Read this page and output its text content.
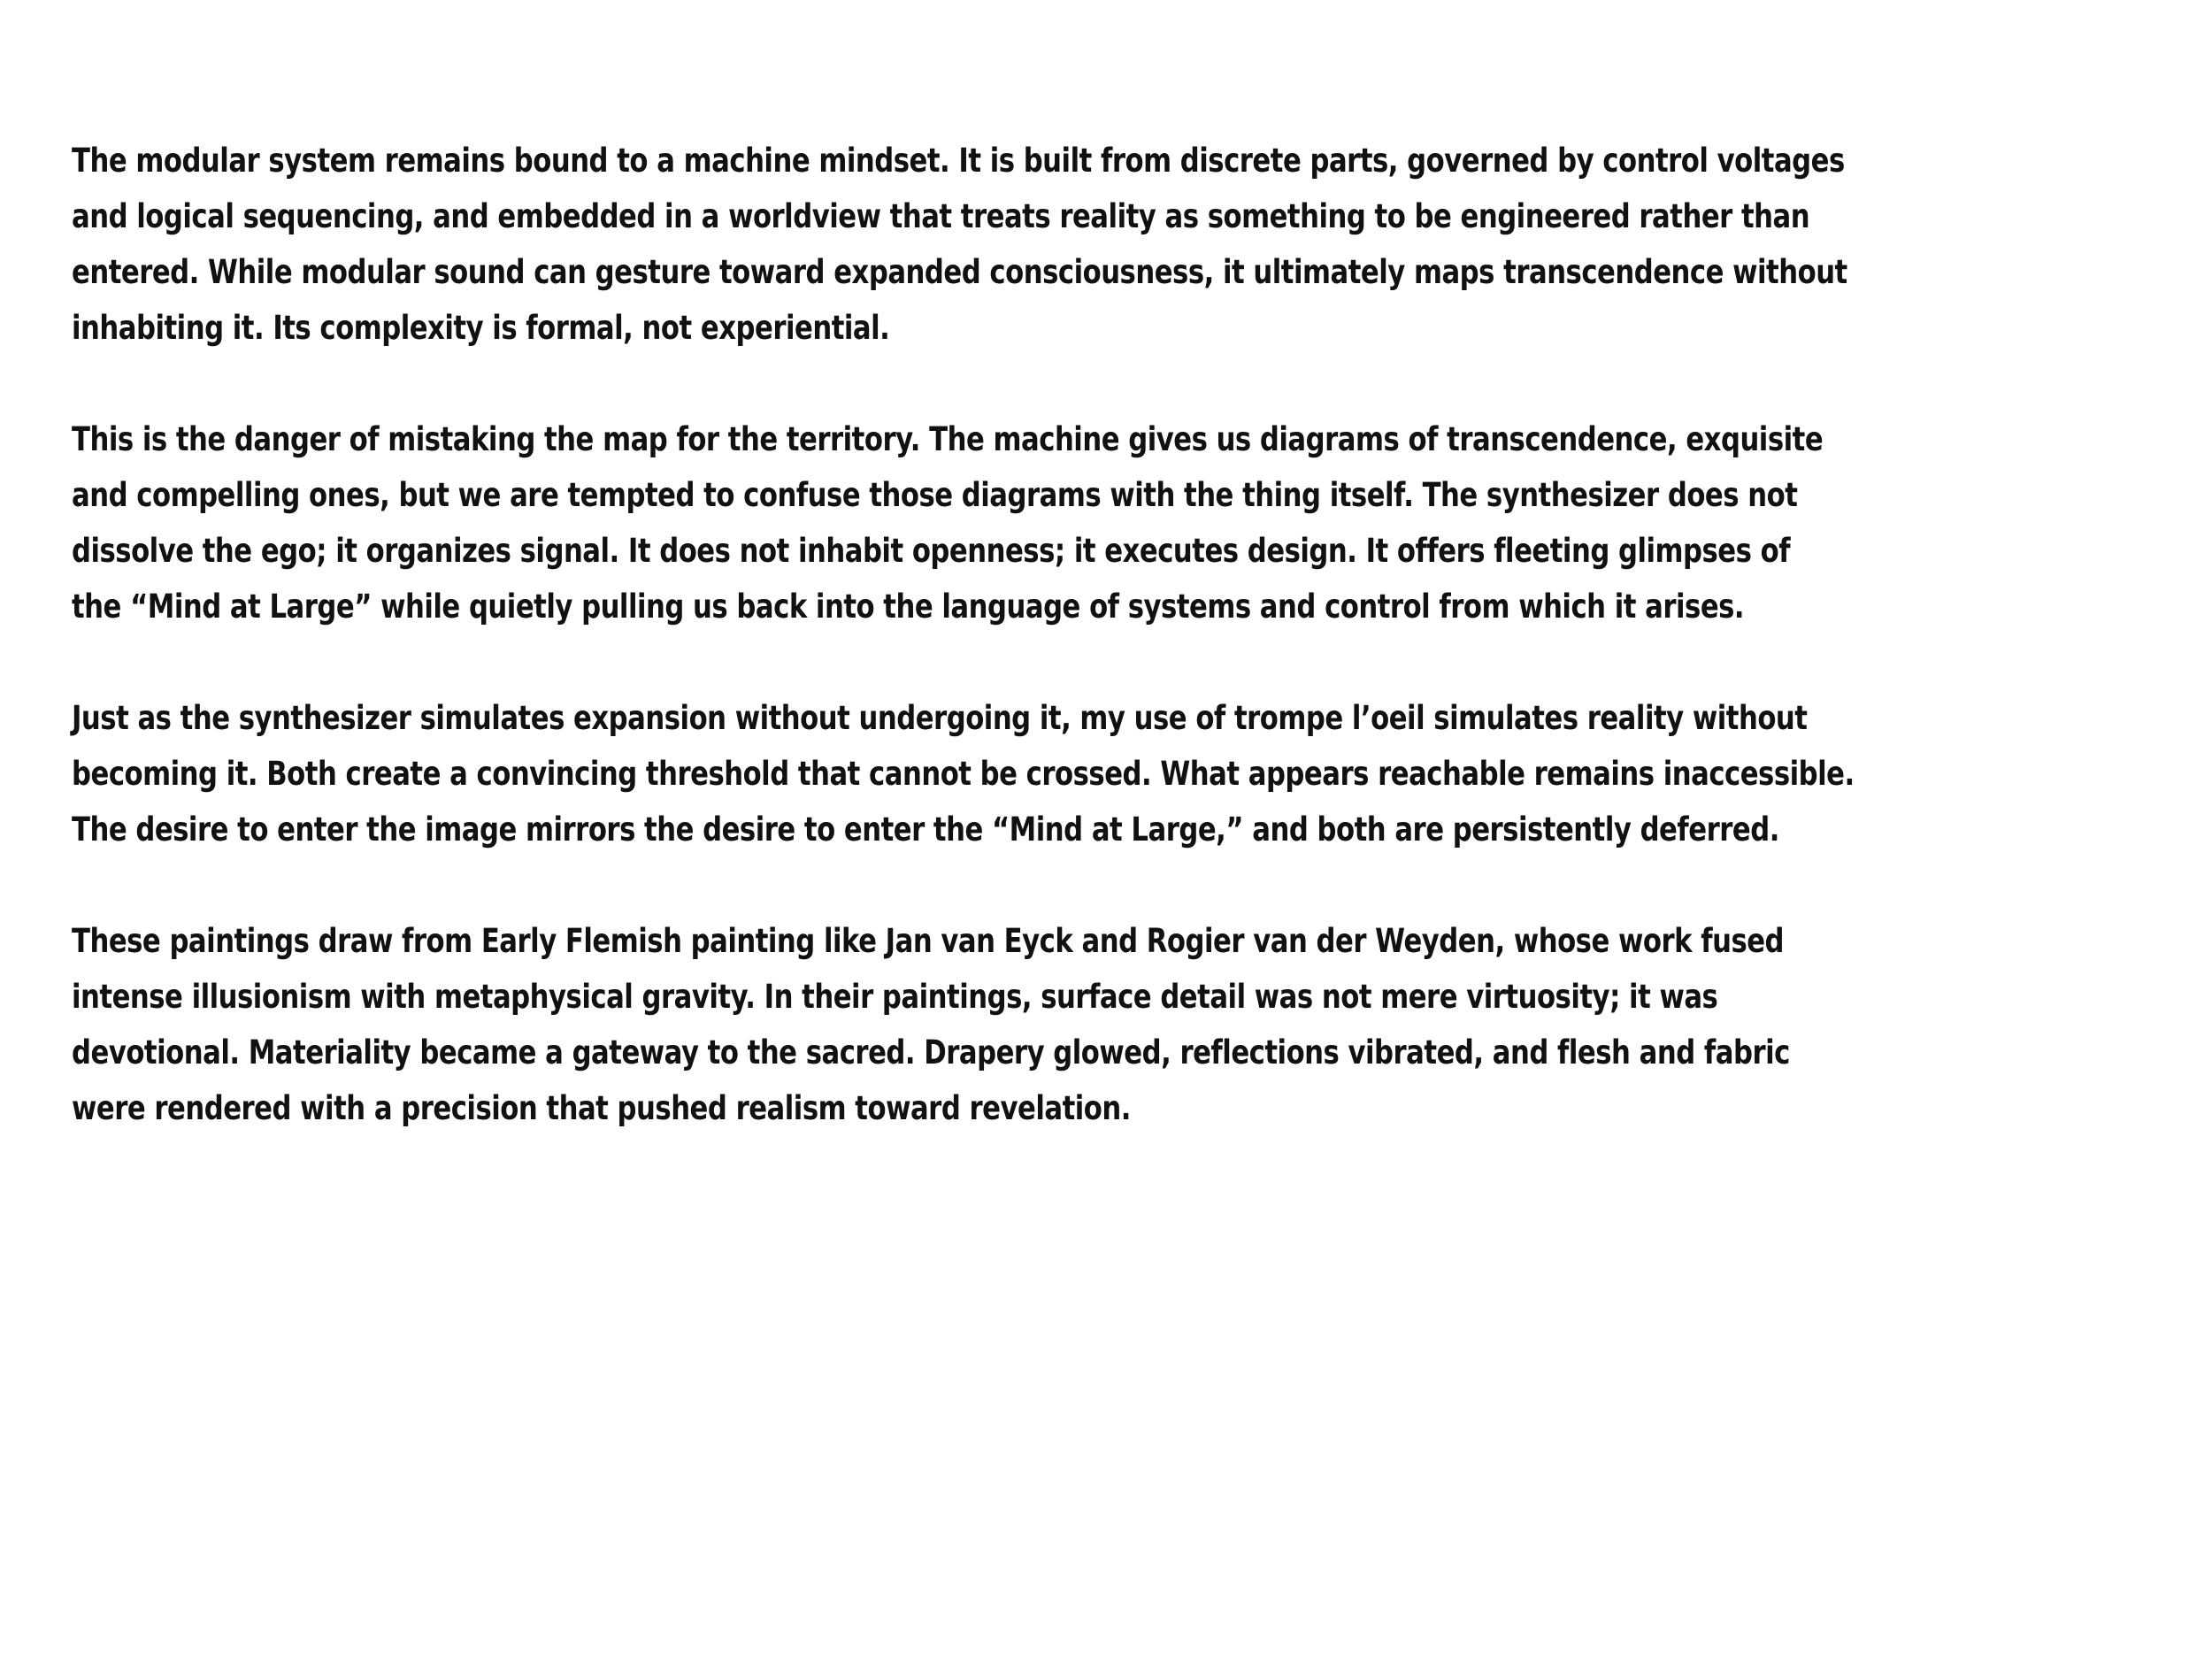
The modular system remains bound to a machine mindset. It is built from discrete parts, governed by control voltages
and logical sequencing, and embedded in a worldview that treats reality as something to be engineered rather than
entered. While modular sound can gesture toward expanded consciousness, it ultimately maps transcendence without
inhabiting it. Its complexity is formal, not experiential.
This is the danger of mistaking the map for the territory. The machine gives us diagrams of transcendence, exquisite
and compelling ones, but we are tempted to confuse those diagrams with the thing itself. The synthesizer does not
dissolve the ego; it organizes signal. It does not inhabit openness; it executes design. It offers fleeting glimpses of
the “Mind at Large” while quietly pulling us back into the language of systems and control from which it arises.
Just as the synthesizer simulates expansion without undergoing it, my use of trompe l’oeil simulates reality without
becoming it. Both create a convincing threshold that cannot be crossed. What appears reachable remains inaccessible.
The desire to enter the image mirrors the desire to enter the “Mind at Large,” and both are persistently deferred.
These paintings draw from Early Flemish painting like Jan van Eyck and Rogier van der Weyden, whose work fused
intense illusionism with metaphysical gravity. In their paintings, surface detail was not mere virtuosity; it was
devotional. Materiality became a gateway to the sacred. Drapery glowed, reflections vibrated, and flesh and fabric
were rendered with a precision that pushed realism toward revelation.
